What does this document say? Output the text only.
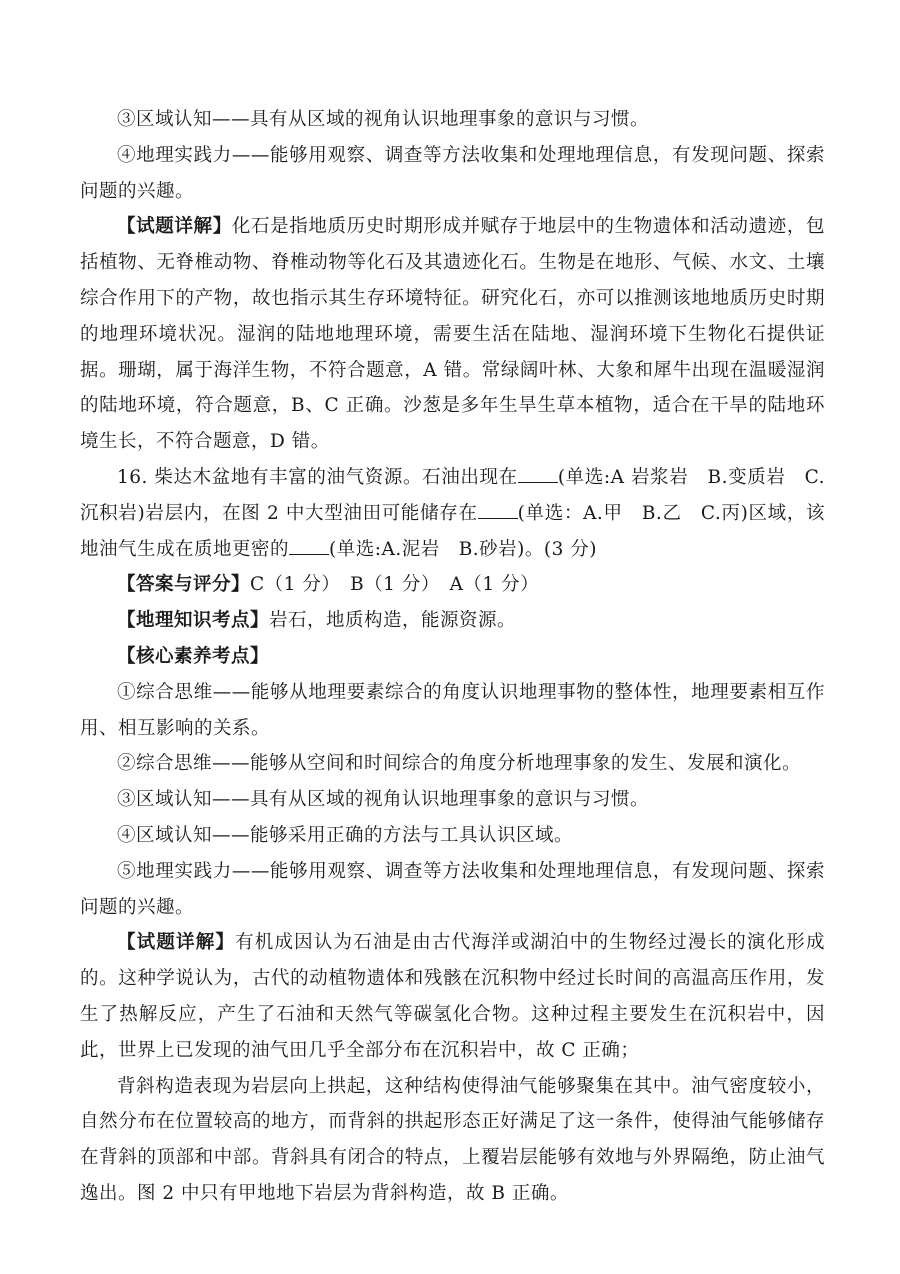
③区域认知——具有从区域的视角认识地理事象的意识与习惯。

④地理实践力——能够用观察、调查等方法收集和处理地理信息，有发现问题、探索问题的兴趣。

【试题详解】化石是指地质历史时期形成并赋存于地层中的生物遗体和活动遗迹，包括植物、无脊椎动物、脊椎动物等化石及其遗迹化石。生物是在地形、气候、水文、土壤综合作用下的产物，故也指示其生存环境特征。研究化石，亦可以推测该地地质历史时期的地理环境状况。湿润的陆地地理环境，需要生活在陆地、湿润环境下生物化石提供证据。珊瑚，属于海洋生物，不符合题意，A 错。常绿阔叶林、大象和犀牛出现在温暖湿润的陆地环境，符合题意，B、C 正确。沙葱是多年生旱生草本植物，适合在干旱的陆地环境生长，不符合题意，D 错。

16. 柴达木盆地有丰富的油气资源。石油出现在 (单选:A 岩浆岩　B.变质岩　C.沉积岩)岩层内，在图 2 中大型油田可能储存在 (单选：A.甲　B.乙　C.丙)区域，该地油气生成在质地更密的 (单选:A.泥岩　B.砂岩)。(3 分)

【答案与评分】C（1 分）　B（1 分）　A（1 分）

【地理知识考点】岩石，地质构造，能源资源。

【核心素养考点】

①综合思维——能够从地理要素综合的角度认识地理事物的整体性，地理要素相互作用、相互影响的关系。

②综合思维——能够从空间和时间综合的角度分析地理事象的发生、发展和演化。

③区域认知——具有从区域的视角认识地理事象的意识与习惯。

④区域认知——能够采用正确的方法与工具认识区域。

⑤地理实践力——能够用观察、调查等方法收集和处理地理信息，有发现问题、探索问题的兴趣。

【试题详解】有机成因认为石油是由古代海洋或湖泊中的生物经过漫长的演化形成的。这种学说认为，古代的动植物遗体和残骸在沉积物中经过长时间的高温高压作用，发生了热解反应，产生了石油和天然气等碳氢化合物。这种过程主要发生在沉积岩中，因此，世界上已发现的油气田几乎全部分布在沉积岩中，故 C 正确；

背斜构造表现为岩层向上拱起，这种结构使得油气能够聚集在其中。油气密度较小，自然分布在位置较高的地方，而背斜的拱起形态正好满足了这一条件，使得油气能够储存在背斜的顶部和中部。背斜具有闭合的特点，上覆岩层能够有效地与外界隔绝，防止油气逸出。图 2 中只有甲地地下岩层为背斜构造，故 B 正确。
